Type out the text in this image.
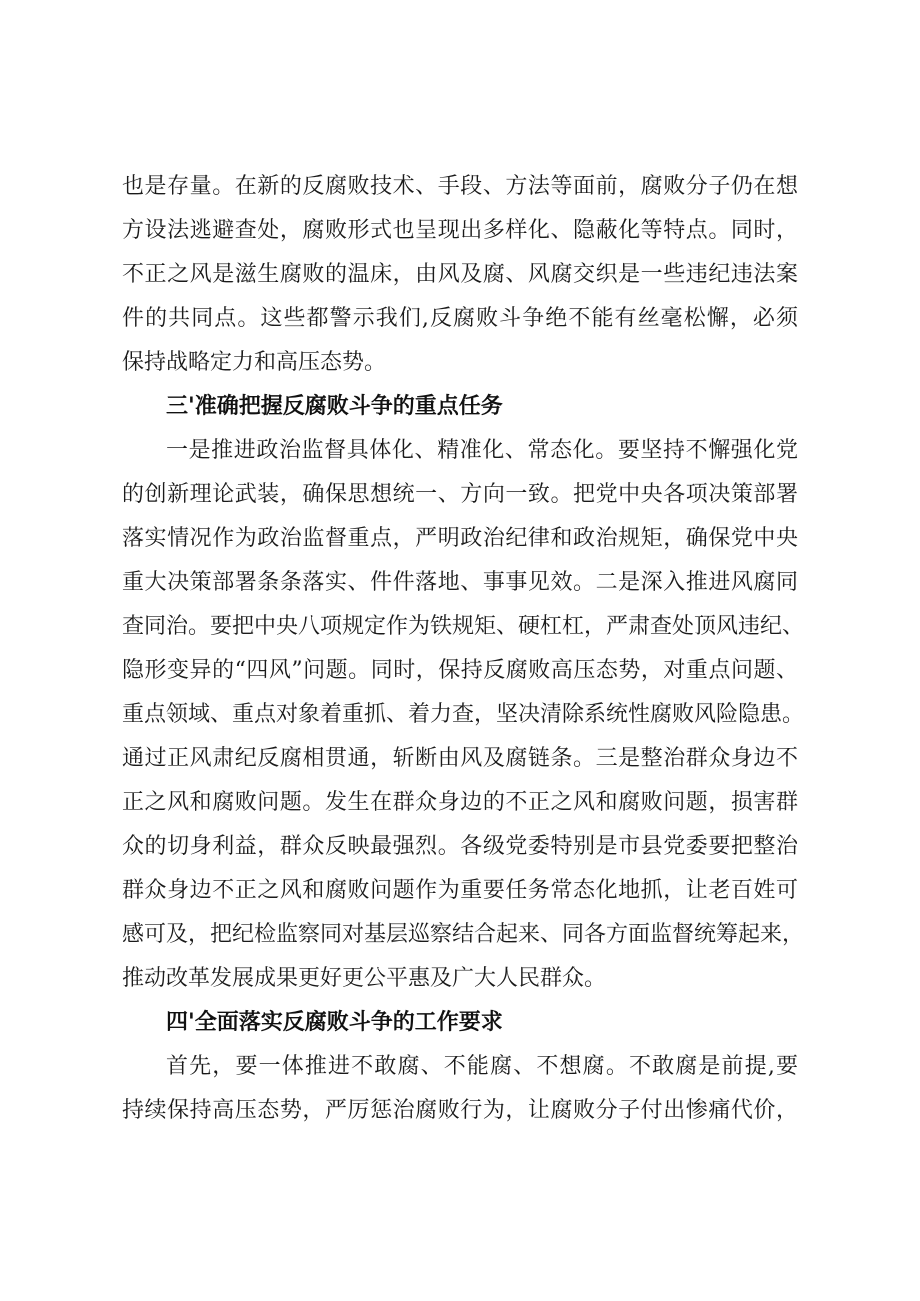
也是存量。在新的反腐败技术、手段、方法等面前，腐败分子仍在想
方设法逃避查处，腐败形式也呈现出多样化、隐蔽化等特点。同时，
不正之风是滋生腐败的温床，由风及腐、风腐交织是一些违纪违法案
件的共同点。这些都警示我们,反腐败斗争绝不能有丝毫松懈，必须
保持战略定力和高压态势。
三'准确把握反腐败斗争的重点任务
一是推进政治监督具体化、精准化、常态化。要坚持不懈强化党
的创新理论武装，确保思想统一、方向一致。把党中央各项决策部署
落实情况作为政治监督重点，严明政治纪律和政治规矩，确保党中央
重大决策部署条条落实、件件落地、事事见效。二是深入推进风腐同
查同治。要把中央八项规定作为铁规矩、硬杠杠，严肃查处顶风违纪、
隐形变异的“四风”问题。同时，保持反腐败高压态势，对重点问题、
重点领域、重点对象着重抓、着力查，坚决清除系统性腐败风险隐患。
通过正风肃纪反腐相贯通，斩断由风及腐链条。三是整治群众身边不
正之风和腐败问题。发生在群众身边的不正之风和腐败问题，损害群
众的切身利益，群众反映最强烈。各级党委特别是市县党委要把整治
群众身边不正之风和腐败问题作为重要任务常态化地抓，让老百姓可
感可及，把纪检监察同对基层巡察结合起来、同各方面监督统筹起来，
推动改革发展成果更好更公平惠及广大人民群众。
四'全面落实反腐败斗争的工作要求
首先，要一体推进不敢腐、不能腐、不想腐。不敢腐是前提,要
持续保持高压态势，严厉惩治腐败行为，让腐败分子付出惨痛代价，
